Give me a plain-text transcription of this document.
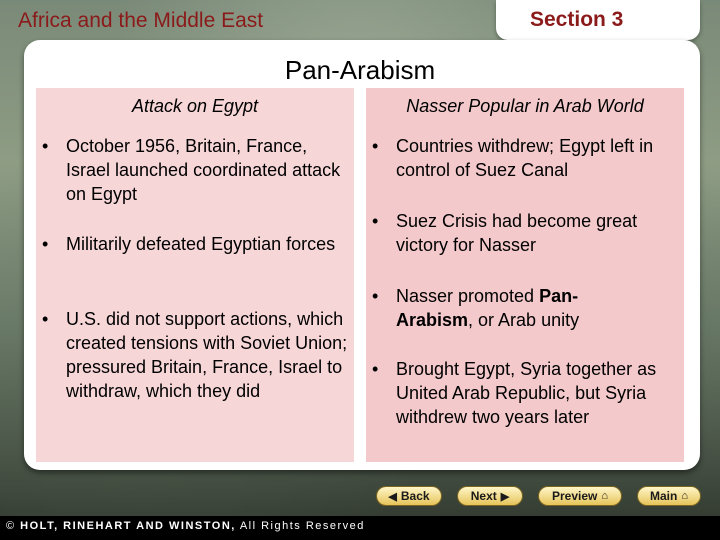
Africa and the Middle East	Section 3
Pan-Arabism
Attack on Egypt	Nasser Popular in Arab World
• October 1956, Britain, France, Israel launched coordinated attack on Egypt
• Militarily defeated Egyptian forces
• U.S. did not support actions, which created tensions with Soviet Union; pressured Britain, France, Israel to withdraw, which they did
• Countries withdrew; Egypt left in control of Suez Canal
• Suez Crisis had become great victory for Nasser
• Nasser promoted Pan-Arabism, or Arab unity
• Brought Egypt, Syria together as United Arab Republic, but Syria withdrew two years later
◀ Back	Next ▶	Preview ⌂	Main ⌂
© HOLT, RINEHART AND WINSTON, All Rights Reserved
